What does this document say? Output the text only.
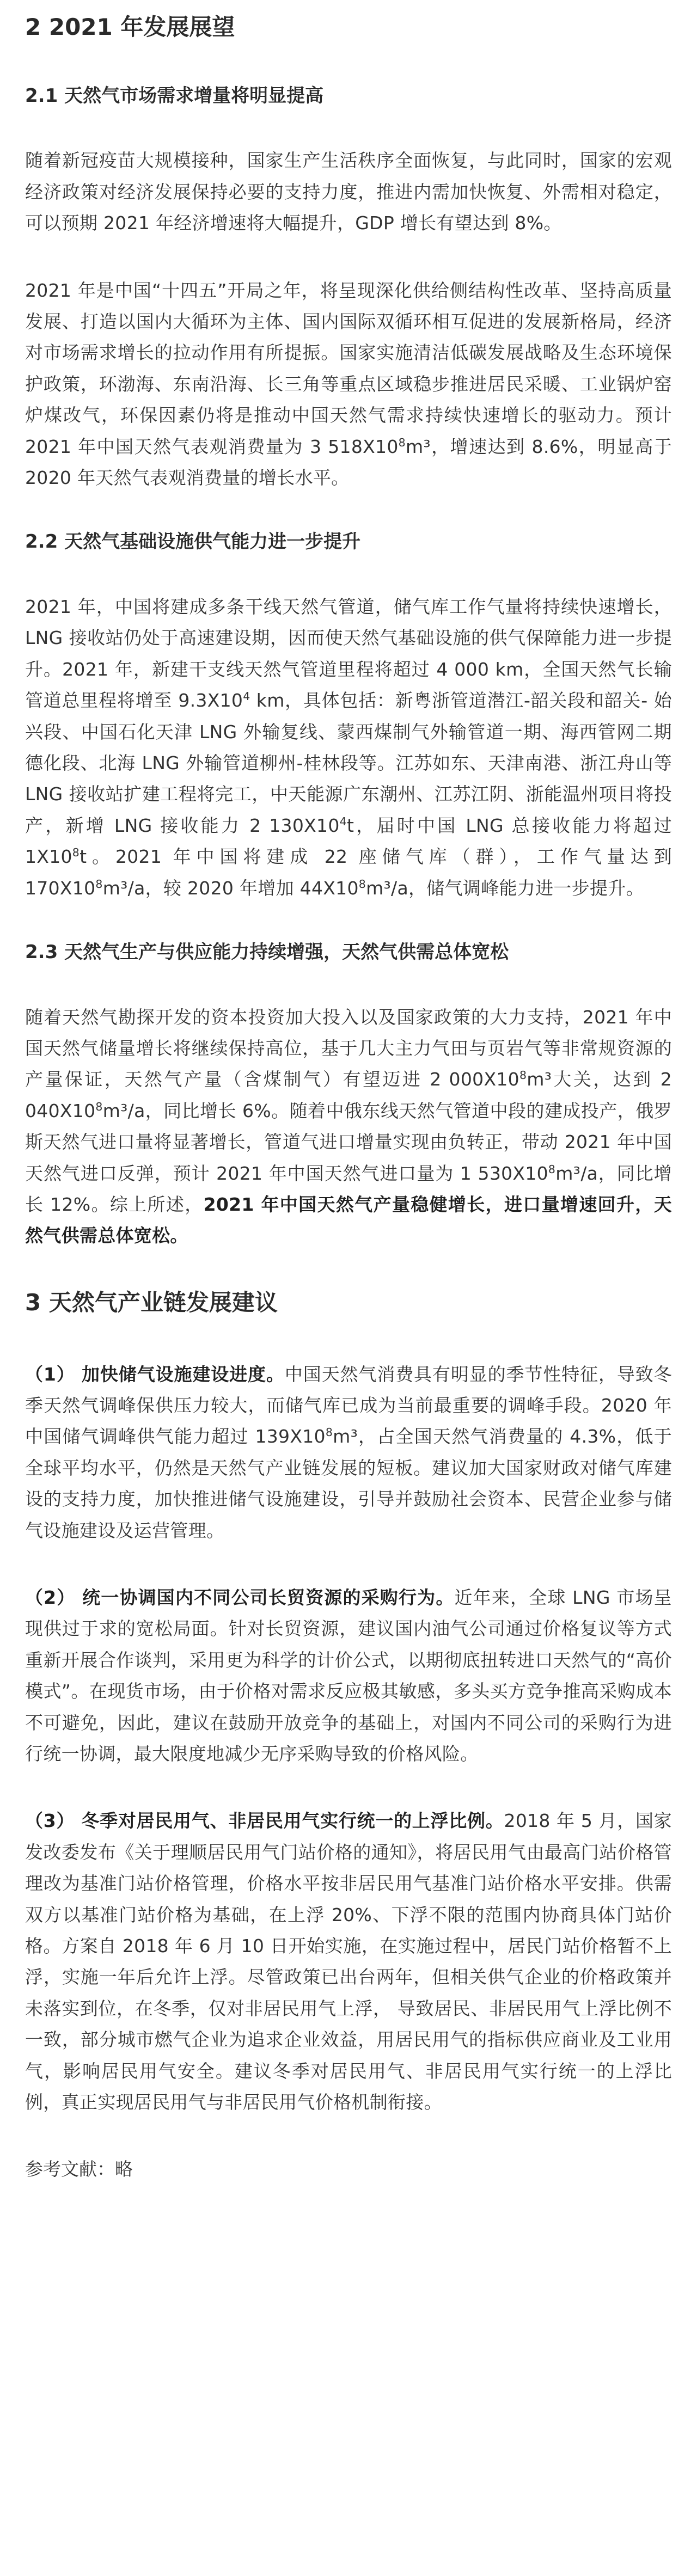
2 2021 年发展展望
2.1 天然气市场需求增量将明显提高

随着新冠疫苗大规模接种，国家生产生活秩序全面恢复，与此同时，国家的宏观经济政策对经济发展保持必要的支持力度，推进内需加快恢复、外需相对稳定，可以预期 2021 年经济增速将大幅提升，GDP 增长有望达到 8%。

2021 年是中国“十四五”开局之年，将呈现深化供给侧结构性改革、坚持高质量发展、打造以国内大循环为主体、国内国际双循环相互促进的发展新格局，经济对市场需求增长的拉动作用有所提振。国家实施清洁低碳发展战略及生态环境保护政策，环渤海、东南沿海、长三角等重点区域稳步推进居民采暖、工业锅炉窑炉煤改气，环保因素仍将是推动中国天然气需求持续快速增长的驱动力。预计 2021 年中国天然气表观消费量为 3 $518X10^8m^3$，增速达到 8.6%，明显高于 2020 年天然气表观消费量的增长水平。

2.2 天然气基础设施供气能力进一步提升

2021 年，中国将建成多条干线天然气管道，储气库工作气量将持续快速增长，LNG 接收站仍处于高速建设期，因而使天然气基础设施的供气保障能力进一步提升。2021 年，新建干支线天然气管道里程将超过 4 000 km，全国天然气长输管道总里程将增至 $9.3X10^4$ km，具体包括：新粤浙管道潜江-韶关段和韶关- 始兴段、中国石化天津 LNG 外输复线、蒙西煤制气外输管道一期、海西管网二期德化段、北海 LNG 外输管道柳州-桂林段等。江苏如东、天津南港、浙江舟山等 LNG 接收站扩建工程将完工，中天能源广东潮州、江苏江阴、浙能温州项目将投产，新增 LNG 接收能力 2 $130X10^4t$，届时中国 LNG 总接收能力将超过 $1X10^8t$。2021 年中国将建成 22 座储气库（群），工作气量达到 $170X10^8m^3/a$，较 2020 年增加 $44X10^8m^3/a$，储气调峰能力进一步提升。

2.3 天然气生产与供应能力持续增强，天然气供需总体宽松

随着天然气勘探开发的资本投资加大投入以及国家政策的大力支持，2021 年中国天然气储量增长将继续保持高位，基于几大主力气田与页岩气等非常规资源的产量保证，天然气产量（含煤制气）有望迈进 2 $000X10^8m^3$大关，达到 2 $040X10^8m^3/a$，同比增长 6%。随着中俄东线天然气管道中段的建成投产，俄罗斯天然气进口量将显著增长，管道气进口增量实现由负转正，带动 2021 年中国天然气进口反弹，预计 2021 年中国天然气进口量为 1 $530X10^8m^3/a$，同比增长 12%。综上所述，2021 年中国天然气产量稳健增长，进口量增速回升，天然气供需总体宽松。

3 天然气产业链发展建议

（1） 加快储气设施建设进度。中国天然气消费具有明显的季节性特征，导致冬季天然气调峰保供压力较大，而储气库已成为当前最重要的调峰手段。2020 年中国储气调峰供气能力超过 $139X10^8m^3$，占全国天然气消费量的 4.3%，低于全球平均水平，仍然是天然气产业链发展的短板。建议加大国家财政对储气库建设的支持力度，加快推进储气设施建设，引导并鼓励社会资本、民营企业参与储气设施建设及运营管理。

（2） 统一协调国内不同公司长贸资源的采购行为。近年来，全球 LNG 市场呈现供过于求的宽松局面。针对长贸资源，建议国内油气公司通过价格复议等方式重新开展合作谈判，采用更为科学的计价公式，以期彻底扭转进口天然气的“高价模式”。在现货市场，由于价格对需求反应极其敏感，多头买方竞争推高采购成本不可避免，因此，建议在鼓励开放竞争的基础上，对国内不同公司的采购行为进行统一协调，最大限度地减少无序采购导致的价格风险。

（3） 冬季对居民用气、非居民用气实行统一的上浮比例。2018 年 5 月，国家发改委发布《关于理顺居民用气门站价格的通知》，将居民用气由最高门站价格管理改为基准门站价格管理，价格水平按非居民用气基准门站价格水平安排。供需双方以基准门站价格为基础，在上浮 20%、下浮不限的范围内协商具体门站价格。方案自 2018 年 6 月 10 日开始实施，在实施过程中，居民门站价格暂不上浮，实施一年后允许上浮。尽管政策已出台两年，但相关供气企业的价格政策并未落实到位，在冬季，仅对非居民用气上浮， 导致居民、非居民用气上浮比例不一致，部分城市燃气企业为追求企业效益，用居民用气的指标供应商业及工业用气，影响居民用气安全。建议冬季对居民用气、非居民用气实行统一的上浮比例，真正实现居民用气与非居民用气价格机制衔接。

参考文献：略
